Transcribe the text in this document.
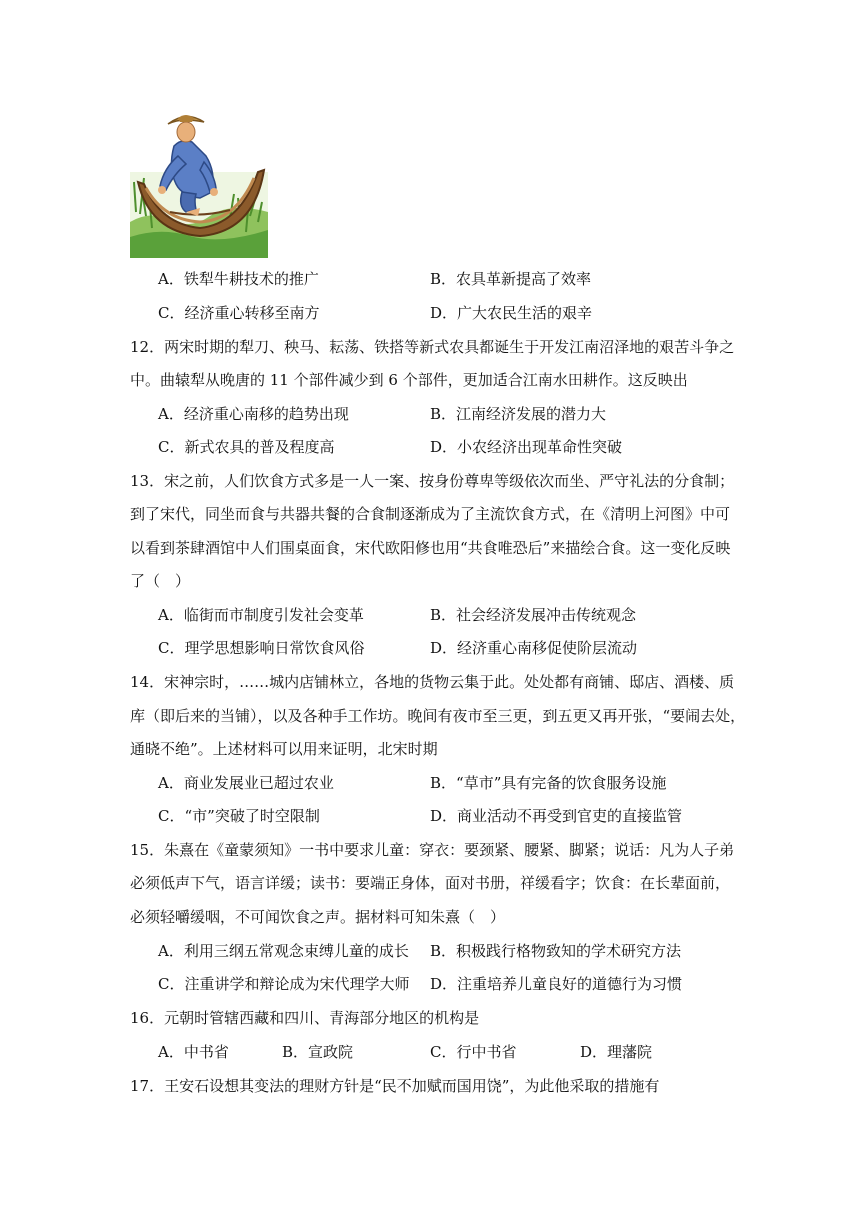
A．铁犁牛耕技术的推广	B．农具革新提高了效率
C．经济重心转移至南方	D．广大农民生活的艰辛
12．两宋时期的犁刀、秧马、耘荡、铁搭等新式农具都诞生于开发江南沼泽地的艰苦斗争之
中。曲辕犁从晚唐的 11 个部件减少到 6 个部件，更加适合江南水田耕作。这反映出
A．经济重心南移的趋势出现	B．江南经济发展的潜力大
C．新式农具的普及程度高	D．小农经济出现革命性突破
13．宋之前，人们饮食方式多是一人一案、按身份尊卑等级依次而坐、严守礼法的分食制；
到了宋代，同坐而食与共器共餐的合食制逐渐成为了主流饮食方式，在《清明上河图》中可
以看到茶肆酒馆中人们围桌面食，宋代欧阳修也用“共食唯恐后”来描绘合食。这一变化反映
了（　）
A．临街而市制度引发社会变革	B．社会经济发展冲击传统观念
C．理学思想影响日常饮食风俗	D．经济重心南移促使阶层流动
14．宋神宗时，……城内店铺林立，各地的货物云集于此。处处都有商铺、邸店、酒楼、质
库（即后来的当铺），以及各种手工作坊。晚间有夜市至三更，到五更又再开张，“要闹去处，
通晓不绝”。上述材料可以用来证明，北宋时期
A．商业发展业已超过农业	B．“草市”具有完备的饮食服务设施
C．“市”突破了时空限制	D．商业活动不再受到官吏的直接监管
15．朱熹在《童蒙须知》一书中要求儿童：穿衣：要颈紧、腰紧、脚紧；说话：凡为人子弟
必须低声下气，语言详缓；读书：要端正身体，面对书册，祥缓看字；饮食：在长辈面前，
必须轻嚼缓咽，不可闻饮食之声。据材料可知朱熹（　）
A．利用三纲五常观念束缚儿童的成长 B．积极践行格物致知的学术研究方法
C．注重讲学和辩论成为宋代理学大师 D．注重培养儿童良好的道德行为习惯
16．元朝时管辖西藏和四川、青海部分地区的机构是
A．中书省	B．宣政院	C．行中书省	D．理藩院
17．王安石设想其变法的理财方针是“民不加赋而国用饶”，为此他采取的措施有
